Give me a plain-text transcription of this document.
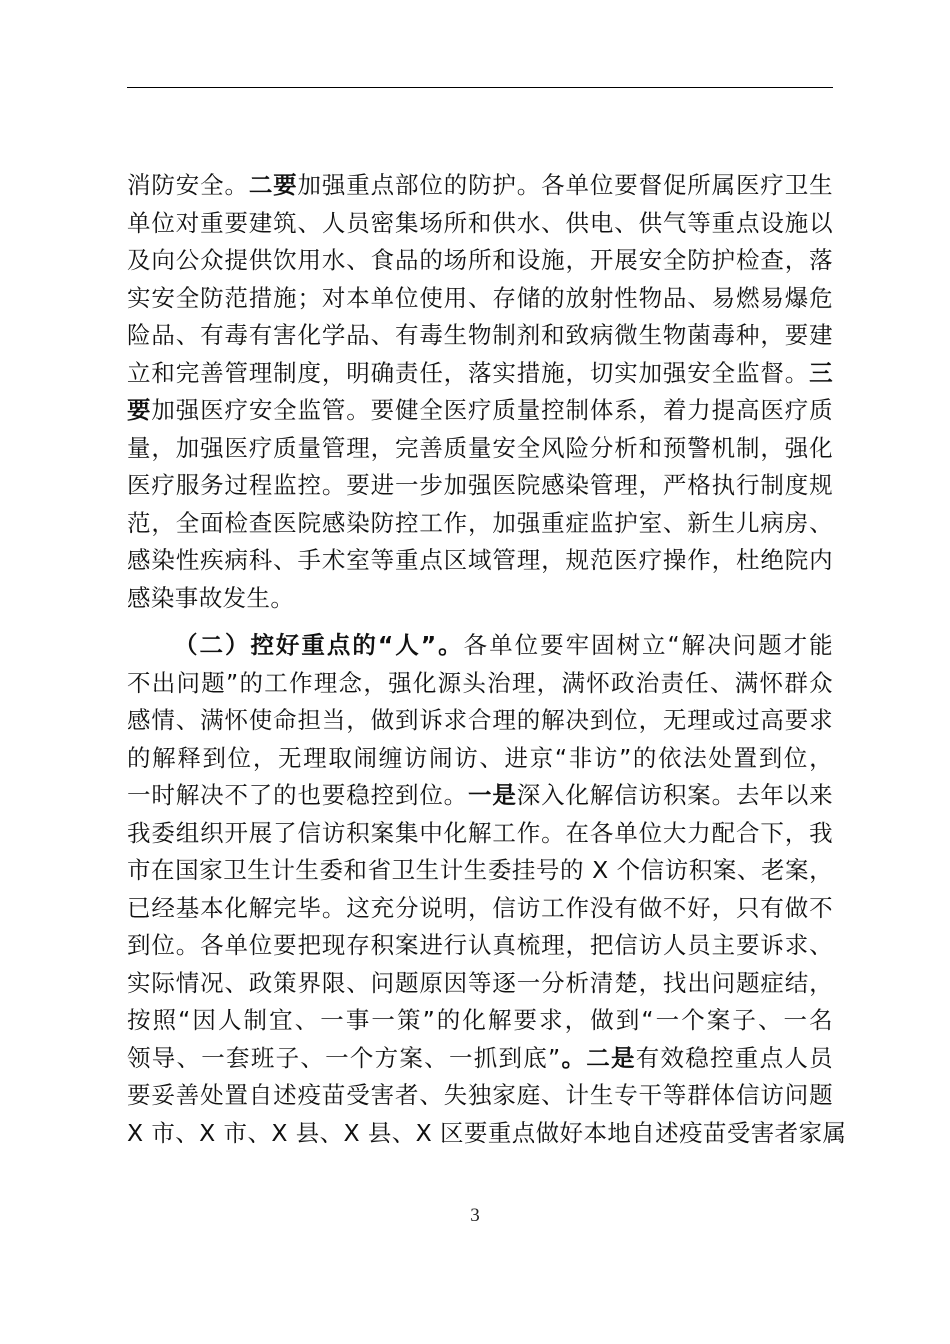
消防安全。二要加强重点部位的防护。各单位要督促所属医疗卫生
单位对重要建筑、人员密集场所和供水、供电、供气等重点设施以
及向公众提供饮用水、食品的场所和设施，开展安全防护检查，落
实安全防范措施；对本单位使用、存储的放射性物品、易燃易爆危
险品、有毒有害化学品、有毒生物制剂和致病微生物菌毒种，要建
立和完善管理制度，明确责任，落实措施，切实加强安全监督。三
要加强医疗安全监管。要健全医疗质量控制体系，着力提高医疗质
量，加强医疗质量管理，完善质量安全风险分析和预警机制，强化
医疗服务过程监控。要进一步加强医院感染管理，严格执行制度规
范，全面检查医院感染防控工作，加强重症监护室、新生儿病房、
感染性疾病科、手术室等重点区域管理，规范医疗操作，杜绝院内
感染事故发生。
（二）控好重点的“人”。各单位要牢固树立“解决问题才能
不出问题”的工作理念，强化源头治理，满怀政治责任、满怀群众
感情、满怀使命担当，做到诉求合理的解决到位，无理或过高要求
的解释到位，无理取闹缠访闹访、进京“非访”的依法处置到位，
一时解决不了的也要稳控到位。一是深入化解信访积案。去年以来
我委组织开展了信访积案集中化解工作。在各单位大力配合下，我
市在国家卫生计生委和省卫生计生委挂号的 X 个信访积案、老案，
已经基本化解完毕。这充分说明，信访工作没有做不好，只有做不
到位。各单位要把现存积案进行认真梳理，把信访人员主要诉求、
实际情况、政策界限、问题原因等逐一分析清楚，找出问题症结，
按照“因人制宜、一事一策”的化解要求，做到“一个案子、一名
领导、一套班子、一个方案、一抓到底”。二是有效稳控重点人员
要妥善处置自述疫苗受害者、失独家庭、计生专干等群体信访问题
X 市、X 市、X 县、X 县、X 区要重点做好本地自述疫苗受害者家属
3
